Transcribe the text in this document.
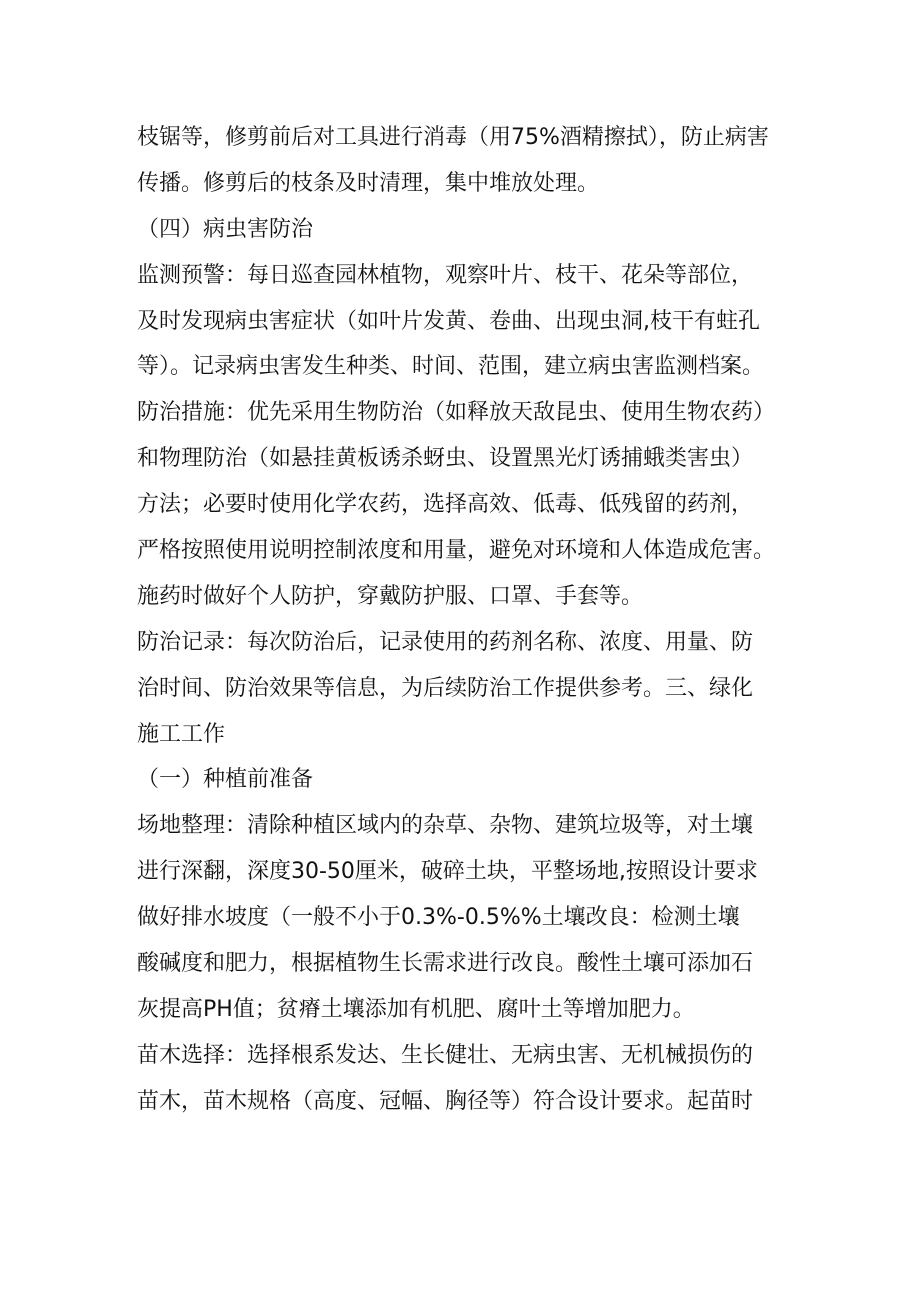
枝锯等，修剪前后对工具进行消毒（用75%酒精擦拭），防止病害
传播。修剪后的枝条及时清理，集中堆放处理。
（四）病虫害防治
监测预警：每日巡查园林植物，观察叶片、枝干、花朵等部位，
及时发现病虫害症状（如叶片发黄、卷曲、出现虫洞,枝干有蛀孔
等）。记录病虫害发生种类、时间、范围，建立病虫害监测档案。
防治措施：优先采用生物防治（如释放天敌昆虫、使用生物农药）
和物理防治（如悬挂黄板诱杀蚜虫、设置黑光灯诱捕蛾类害虫）
方法；必要时使用化学农药，选择高效、低毒、低残留的药剂，
严格按照使用说明控制浓度和用量，避免对环境和人体造成危害。
施药时做好个人防护，穿戴防护服、口罩、手套等。
防治记录：每次防治后，记录使用的药剂名称、浓度、用量、防
治时间、防治效果等信息，为后续防治工作提供参考。三、绿化
施工工作
（一）种植前准备
场地整理：清除种植区域内的杂草、杂物、建筑垃圾等，对土壤
进行深翻，深度30-50厘米，破碎土块，平整场地,按照设计要求
做好排水坡度（一般不小于0.3%-0.5%%土壤改良：检测土壤
酸碱度和肥力，根据植物生长需求进行改良。酸性土壤可添加石
灰提高PH值；贫瘠土壤添加有机肥、腐叶土等增加肥力。
苗木选择：选择根系发达、生长健壮、无病虫害、无机械损伤的
苗木，苗木规格（高度、冠幅、胸径等）符合设计要求。起苗时
